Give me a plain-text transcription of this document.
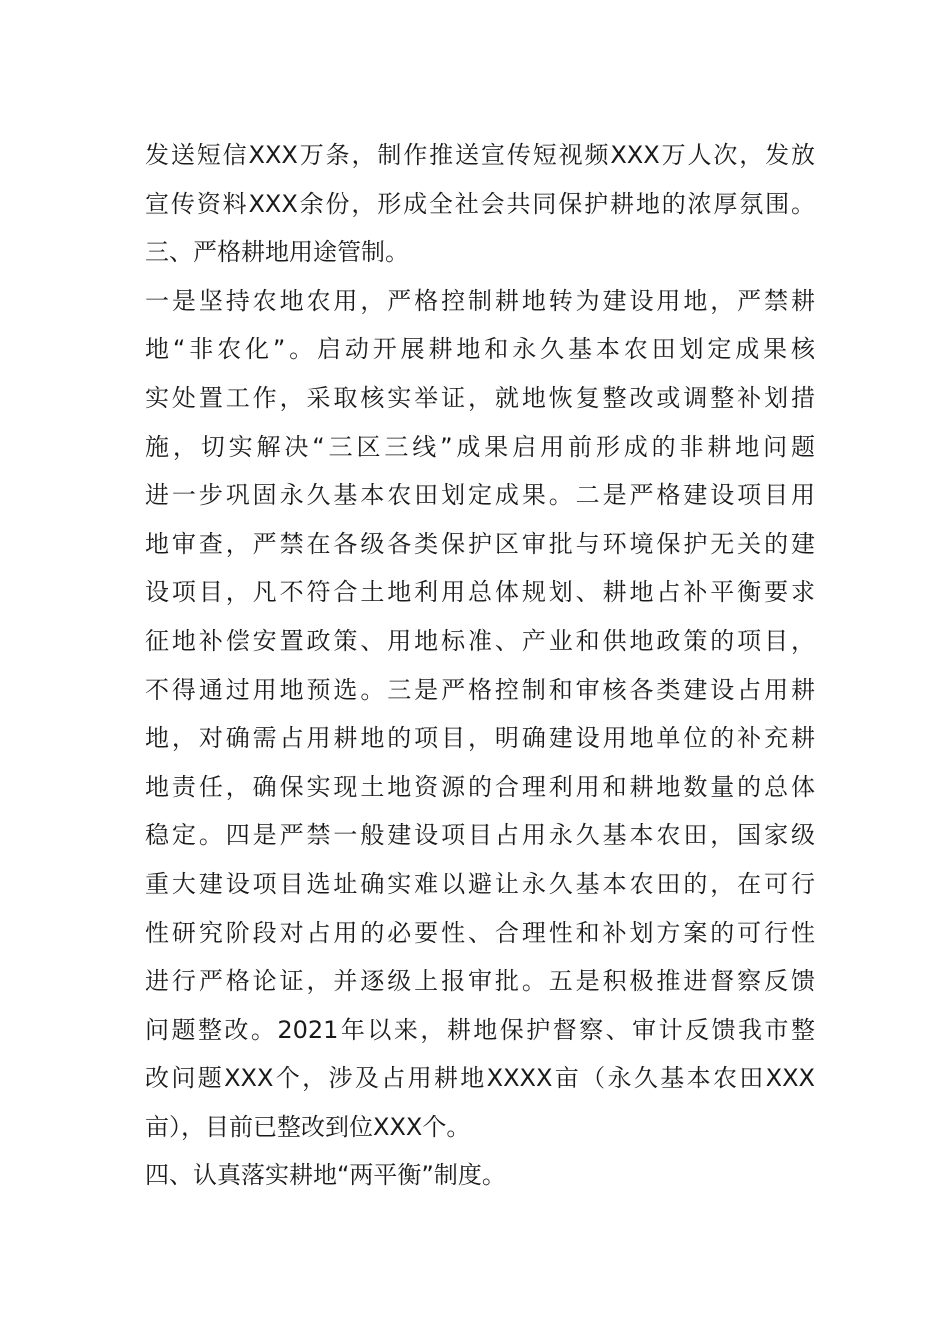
发送短信XXX万条，制作推送宣传短视频XXX万人次，发放
宣传资料XXX余份，形成全社会共同保护耕地的浓厚氛围。
三、严格耕地用途管制。
一是坚持农地农用，严格控制耕地转为建设用地，严禁耕
地“非农化”。启动开展耕地和永久基本农田划定成果核
实处置工作，采取核实举证，就地恢复整改或调整补划措
施，切实解决“三区三线”成果启用前形成的非耕地问题
进一步巩固永久基本农田划定成果。二是严格建设项目用
地审查，严禁在各级各类保护区审批与环境保护无关的建
设项目，凡不符合土地利用总体规划、耕地占补平衡要求
征地补偿安置政策、用地标准、产业和供地政策的项目，
不得通过用地预选。三是严格控制和审核各类建设占用耕
地，对确需占用耕地的项目，明确建设用地单位的补充耕
地责任，确保实现土地资源的合理利用和耕地数量的总体
稳定。四是严禁一般建设项目占用永久基本农田，国家级
重大建设项目选址确实难以避让永久基本农田的，在可行
性研究阶段对占用的必要性、合理性和补划方案的可行性
进行严格论证，并逐级上报审批。五是积极推进督察反馈
问题整改。2021年以来，耕地保护督察、审计反馈我市整
改问题XXX个，涉及占用耕地XXXX亩（永久基本农田XXX
亩），目前已整改到位XXX个。
四、认真落实耕地“两平衡”制度。
